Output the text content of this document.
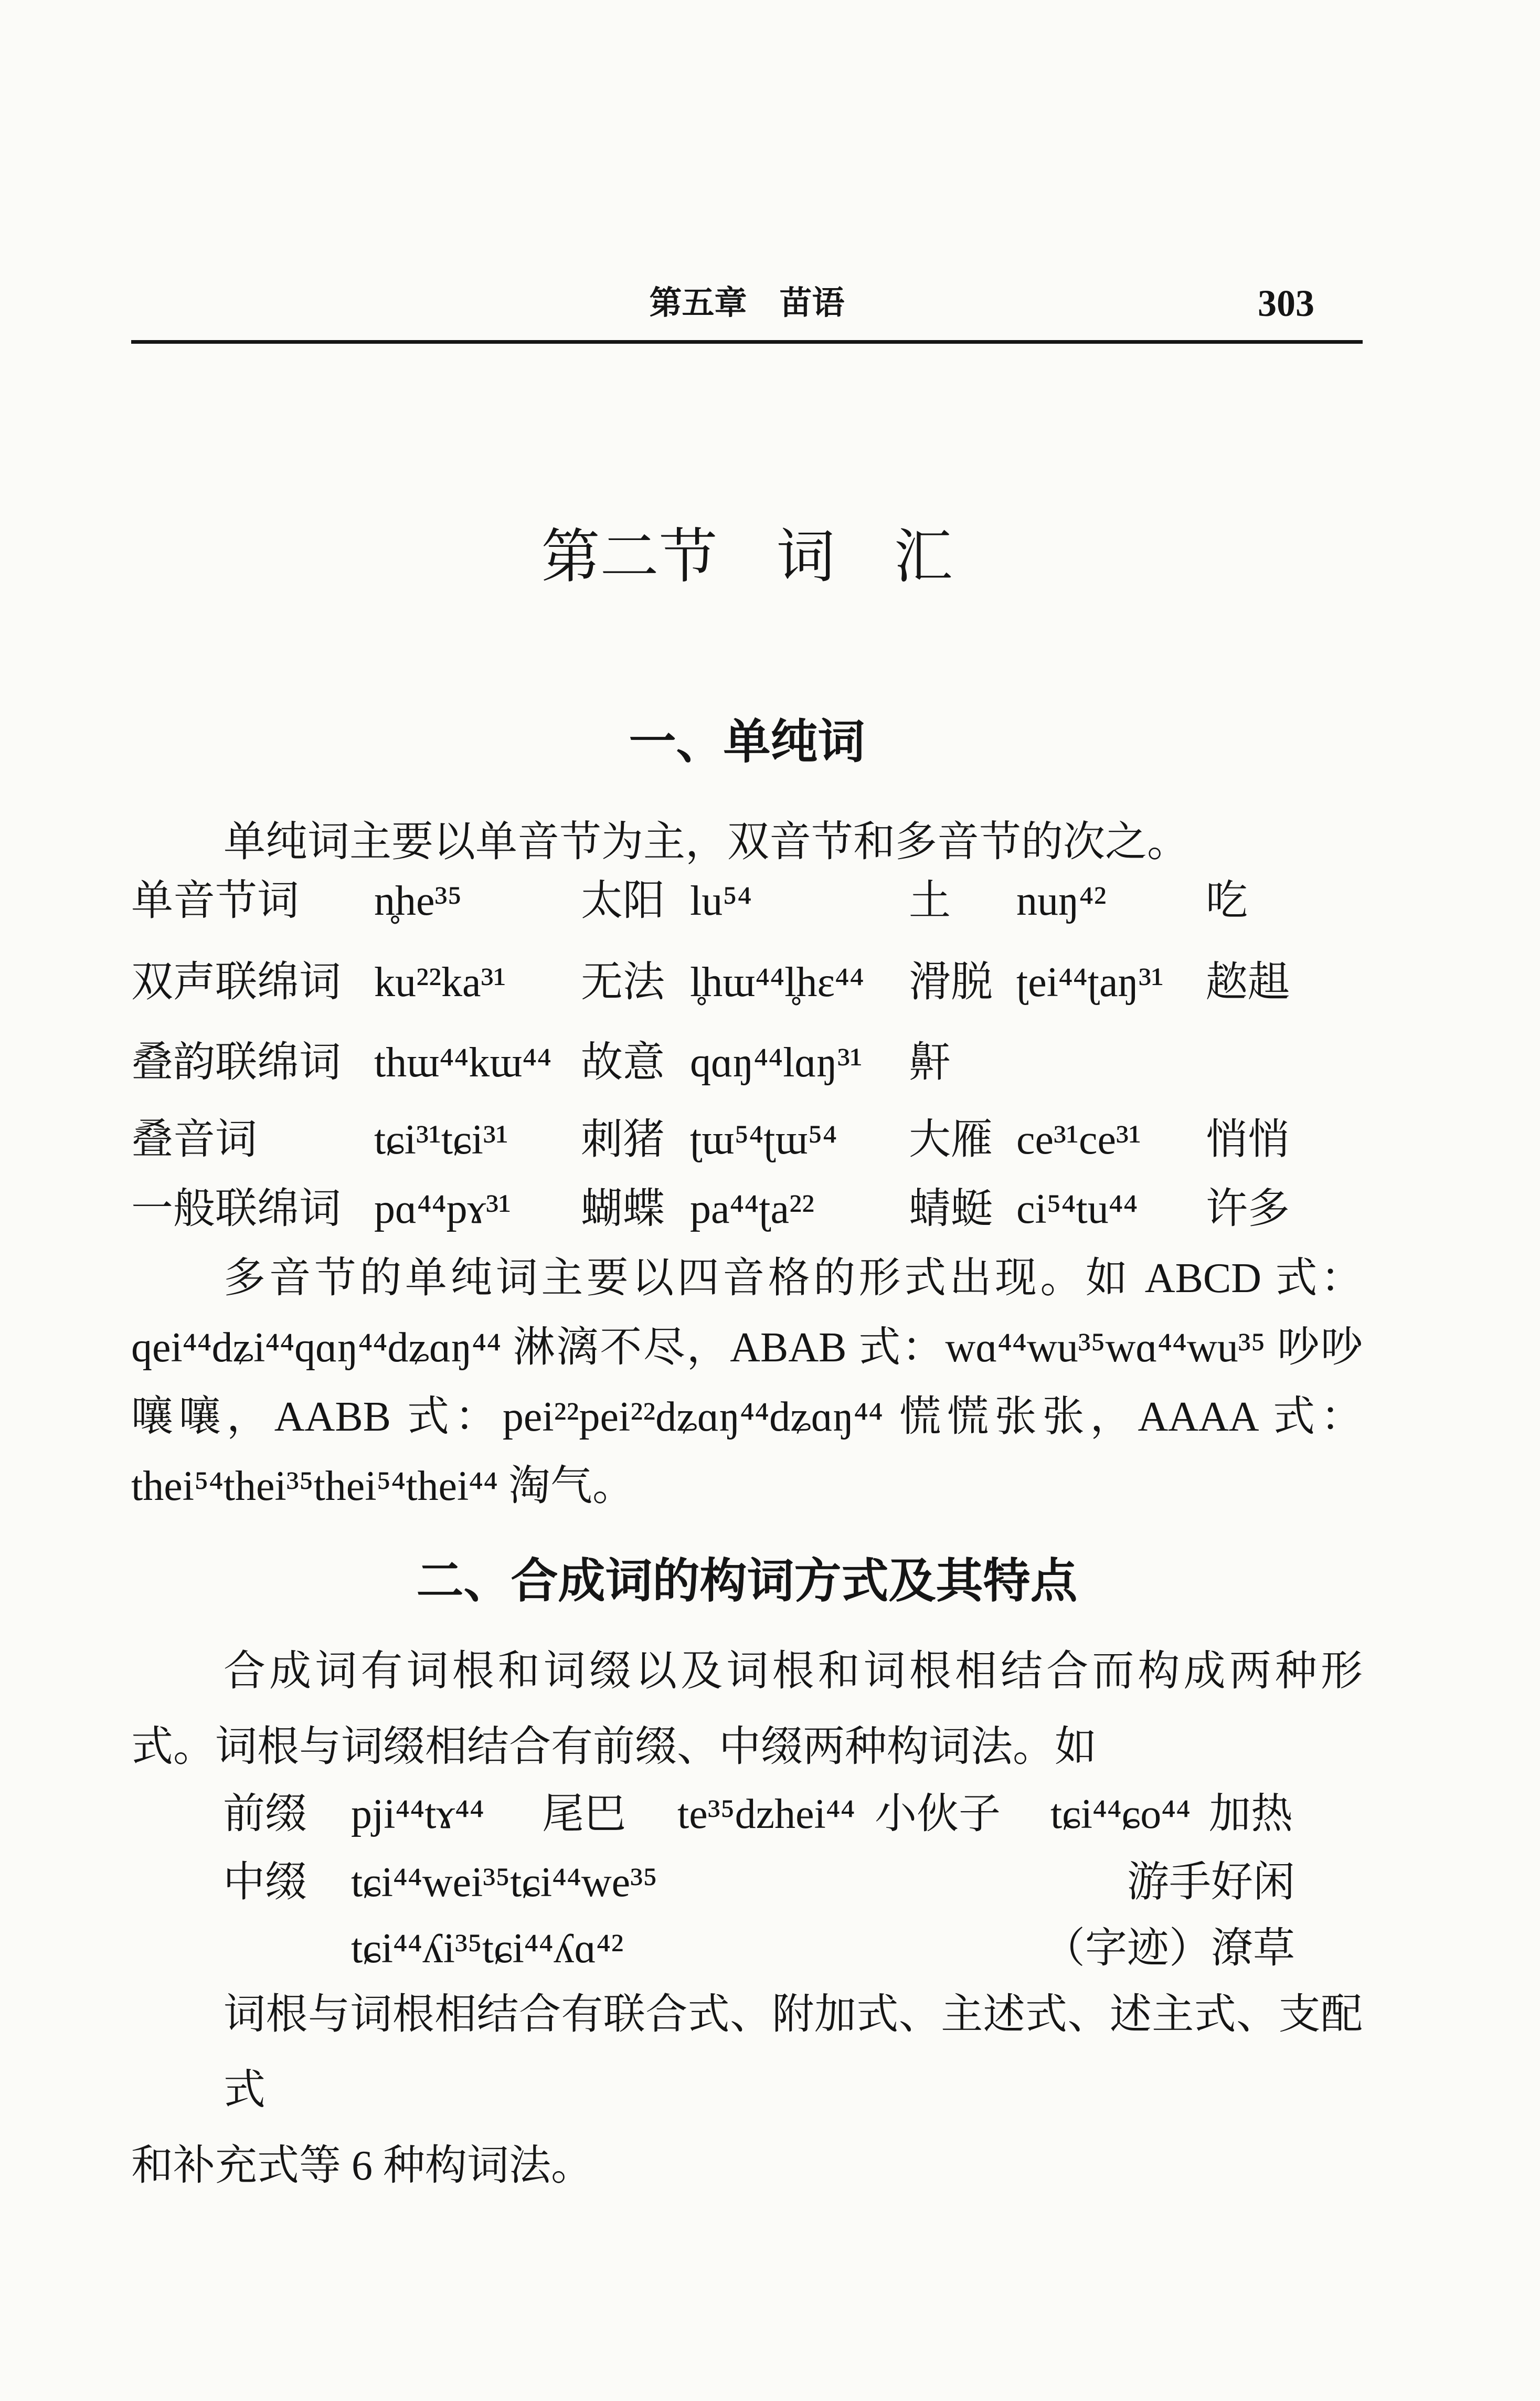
第五章　苗语	303
第二节　词　汇
一、单纯词
单纯词主要以单音节为主，双音节和多音节的次之。
单音节词 n̥he³⁵	太阳 lu⁵⁴	土 nuŋ⁴² 吃
双声联绵词 ku²²ka³¹ 无法 l̥hɯ⁴⁴l̥hɛ⁴⁴ 滑脱 ʈei⁴⁴ʈaŋ³¹ 趑趄
叠韵联绵词 thɯ⁴⁴kɯ⁴⁴ 故意 qɑŋ⁴⁴lɑŋ³¹ 鼾
叠音词	tɕi³¹tɕi³¹ 刺猪 ʈɯ⁵⁴ʈɯ⁵⁴ 大雁 ce³¹ce³¹ 悄悄
一般联绵词 pɑ⁴⁴pɤ³¹ 蝴蝶 pa⁴⁴ʈa²² 蜻蜓 ci⁵⁴tu⁴⁴ 许多
多音节的单纯词主要以四音格的形式出现。如 ABCD 式：
qei⁴⁴dʑi⁴⁴qɑŋ⁴⁴dʑɑŋ⁴⁴ 淋漓不尽，ABAB 式：wɑ⁴⁴wu³⁵wɑ⁴⁴wu³⁵ 吵吵
嚷嚷，AABB 式：pei²²pei²²dʑɑŋ⁴⁴dʑɑŋ⁴⁴ 慌慌张张，AAAA 式：
thei⁵⁴thei³⁵thei⁵⁴thei⁴⁴ 淘气。
二、合成词的构词方式及其特点
合成词有词根和词缀以及词根和词根相结合而构成两种形
式。词根与词缀相结合有前缀、中缀两种构词法。如
前缀 pji⁴⁴tɤ⁴⁴ 尾巴 te³⁵dzhei⁴⁴ 小伙子 tɕi⁴⁴ɕo⁴⁴ 加热
中缀 tɕi⁴⁴wei³⁵tɕi⁴⁴we³⁵	游手好闲
tɕi⁴⁴ʎi³⁵tɕi⁴⁴ʎɑ⁴²	（字迹）潦草
词根与词根相结合有联合式、附加式、主述式、述主式、支配式
和补充式等 6 种构词法。
